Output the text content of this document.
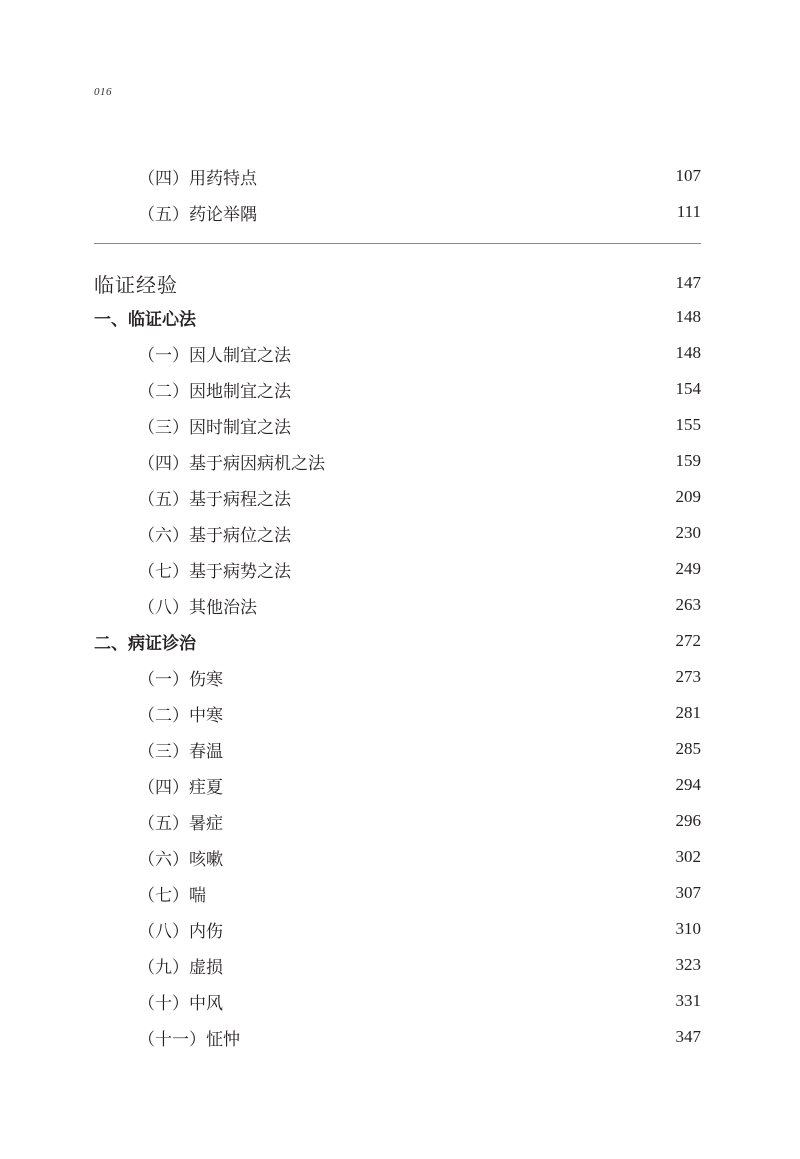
016
（四）用药特点	107
（五）药论举隅	111
临证经验	147
一、临证心法	148
（一）因人制宜之法	148
（二）因地制宜之法	154
（三）因时制宜之法	155
（四）基于病因病机之法	159
（五）基于病程之法	209
（六）基于病位之法	230
（七）基于病势之法	249
（八）其他治法	263
二、病证诊治	272
（一）伤寒	273
（二）中寒	281
（三）春温	285
（四）疰夏	294
（五）暑症	296
（六）咳嗽	302
（七）喘	307
（八）内伤	310
（九）虚损	323
（十）中风	331
（十一）怔忡	347
